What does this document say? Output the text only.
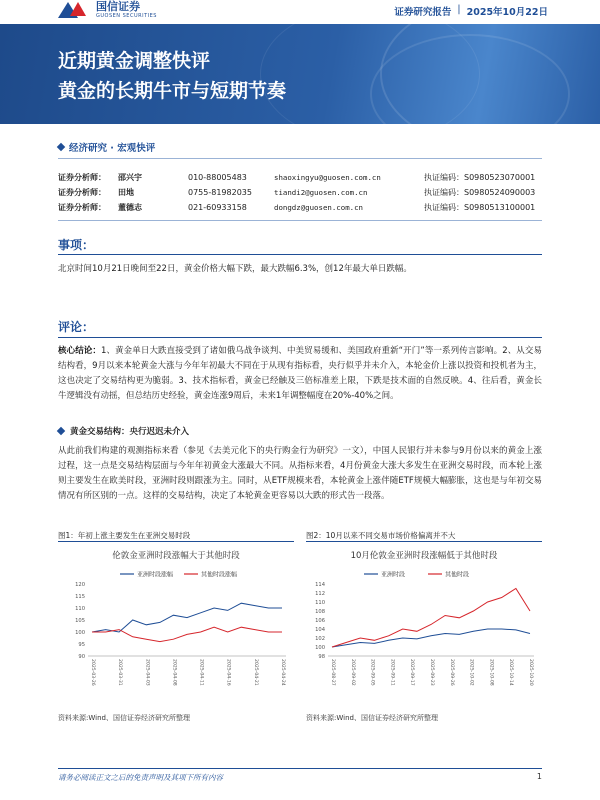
国信证券
GUOSEN SECURITIES	证券研究报告 | 2025年10月22日
近期黄金调整快评
黄金的长期牛市与短期节奏
经济研究 · 宏观快评
证券分析师：	邵兴宇	010-88005483	shaoxingyu@guosen.com.cn	执证编码：S0980523070001
证券分析师：	田地	0755-81982035	tiandi2@guosen.com.cn	执证编码：S0980524090003
证券分析师：	董德志	021-60933158	dongdz@guosen.com.cn	执证编码：S0980513100001
事项：
北京时间10月21日晚间至22日，黄金价格大幅下跌，最大跌幅6.3%，创12年最大单日跌幅。
评论：
核心结论：1、黄金单日大跌直接受到了诸如俄乌战争谈判、中美贸易缓和、美国政府重新“开门”等一系列传言影响。2、从交易结构看，9月以来本轮黄金大涨与今年年初最大不同在于从现有指标看，央行似乎并未介入，本轮金价上涨以投资和投机者为主，这也决定了交易结构更为脆弱。3、技术指标看，黄金已经触及三倍标准差上限，下跌是技术面的自然反映。4、往后看，黄金长牛逻辑没有动摇，但总结历史经验，黄金连涨9周后，未来1年调整幅度在20%-40%之间。
黄金交易结构：央行迟迟未介入
从此前我们构建的观测指标来看（参见《去美元化下的央行购金行为研究》一文），中国人民银行并未参与9月份以来的黄金上涨过程，这一点是交易结构层面与今年年初黄金大涨最大不同。从指标来看，4月份黄金大涨大多发生在亚洲交易时段，而本轮上涨则主要发生在欧美时段，亚洲时段则跟涨为主。同时，从ETF规模来看，本轮黄金上涨伴随ETF规模大幅膨胀，这也是与年初交易情况有所区别的一点。这样的交易结构，决定了本轮黄金更容易以大跌的形式告一段落。
图1：年初上涨主要发生在亚洲交易时段
伦敦金亚洲时段涨幅大于其他时段
亚洲时段涨幅	其他时段涨幅
90
95
100
105
110
115
120
2025-03-26	2025-03-31	2025-04-03	2025-04-08	2025-04-11	2025-04-16	2025-04-21	2025-04-24
资料来源:Wind、国信证券经济研究所整理
图2：10月以来不同交易市场价格偏离并不大
10月伦敦金亚洲时段涨幅低于其他时段
亚洲时段	其他时段
98
100
102
104
106
108
110
112
114
2025-08-27	2025-09-02	2025-09-05	2025-09-11	2025-09-17	2025-09-23	2025-09-26	2025-10-02	2025-10-08	2025-10-14	2025-10-20
资料来源:Wind、国信证券经济研究所整理
请务必阅读正文之后的免责声明及其项下所有内容	1
